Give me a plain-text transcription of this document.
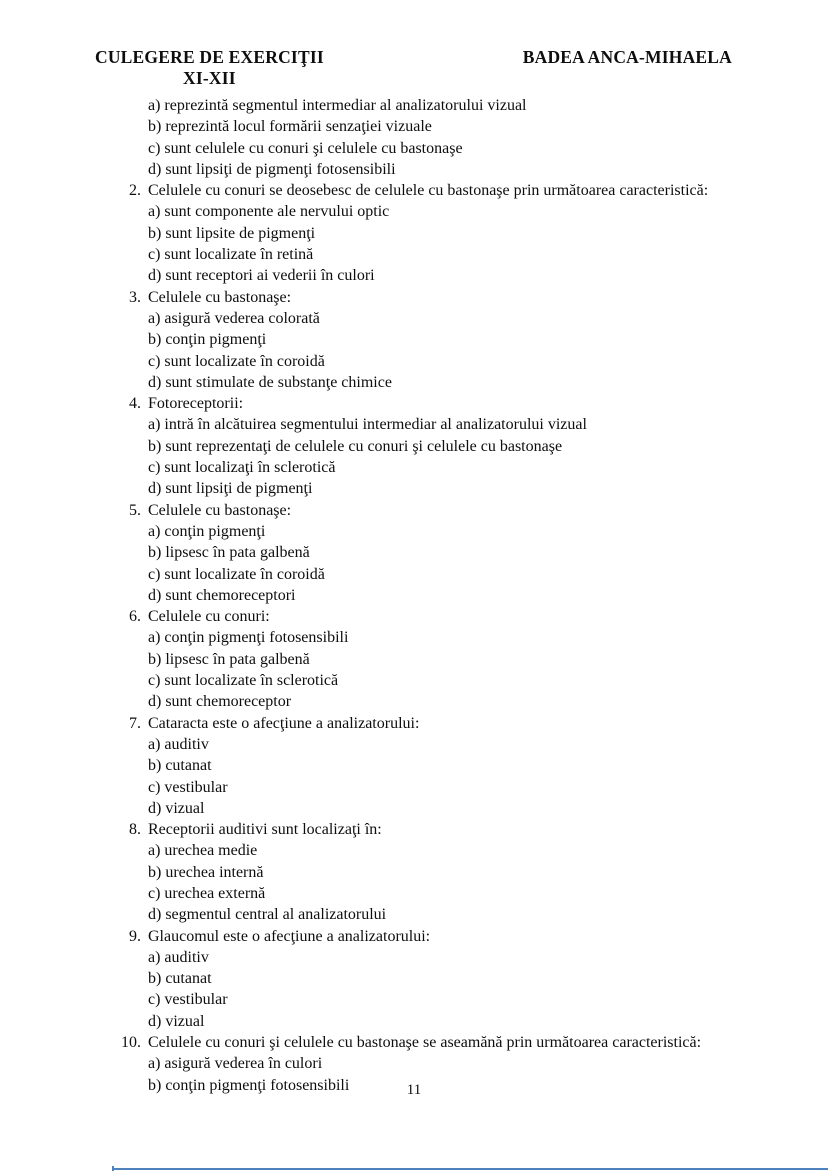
CULEGERE DE EXERCIŢII
XI-XII
BADEA ANCA-MIHAELA
a) reprezintă segmentul intermediar al analizatorului vizual
b) reprezintă locul formării senzaţiei vizuale
c) sunt celulele cu conuri şi celulele cu bastonaşe
d) sunt lipsiţi de pigmenţi fotosensibili
2. Celulele cu conuri se deosebesc de celulele cu bastonaşe prin următoarea caracteristică:
a) sunt componente ale nervului optic
b) sunt lipsite de pigmenţi
c) sunt localizate în retină
d) sunt receptori ai vederii în culori
3. Celulele cu bastonaşe:
a) asigură vederea colorată
b) conţin pigmenţi
c) sunt localizate în coroidă
d) sunt stimulate de substanţe chimice
4. Fotoreceptorii:
a) intră în alcătuirea segmentului intermediar al analizatorului vizual
b) sunt reprezentaţi de celulele cu conuri şi celulele cu bastonaşe
c) sunt localizaţi în sclerotică
d) sunt lipsiţi de pigmenţi
5. Celulele cu bastonaşe:
a) conţin pigmenţi
b) lipsesc în pata galbenă
c) sunt localizate în coroidă
d) sunt chemoreceptori
6. Celulele cu conuri:
a) conţin pigmenţi fotosensibili
b) lipsesc în pata galbenă
c) sunt localizate în sclerotică
d) sunt chemoreceptor
7. Cataracta este o afecţiune a analizatorului:
a) auditiv
b) cutanat
c) vestibular
d) vizual
8. Receptorii auditivi sunt localizaţi în:
a) urechea medie
b) urechea internă
c) urechea externă
d) segmentul central al analizatorului
9. Glaucomul este o afecţiune a analizatorului:
a) auditiv
b) cutanat
c) vestibular
d) vizual
10. Celulele cu conuri şi celulele cu bastonaşe se aseamănă prin următoarea caracteristică:
a) asigură vederea în culori
b) conţin pigmenţi fotosensibili	11
